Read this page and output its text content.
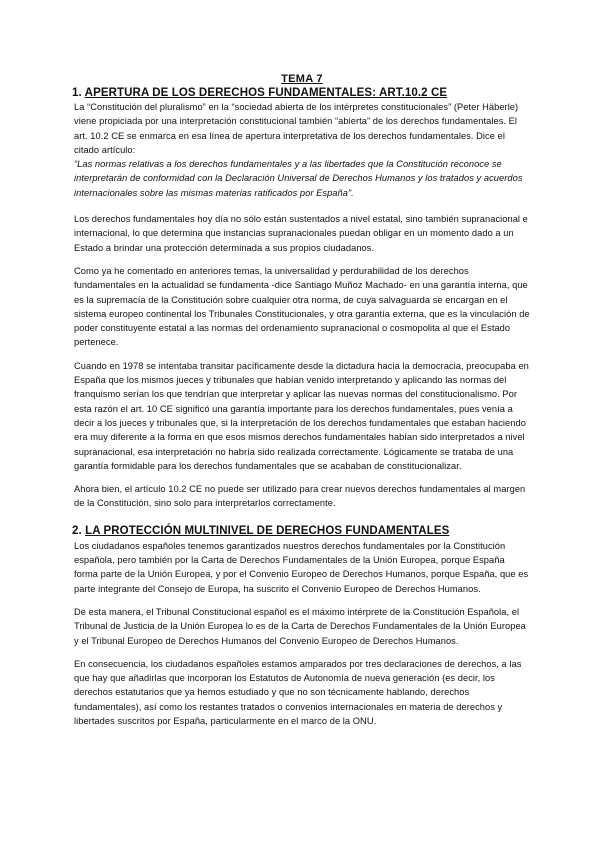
TEMA 7
1. APERTURA DE LOS DERECHOS FUNDAMENTALES: ART.10.2 CE

La “Constitución del pluralismo” en la “sociedad abierta de los intérpretes constitucionales” (Peter Häberle) viene propiciada por una interpretación constitucional también “abierta” de los derechos fundamentales. El art. 10.2 CE se enmarca en esa línea de apertura interpretativa de los derechos fundamentales. Dice el citado artículo:

“Las normas relativas a los derechos fundamentales y a las libertades que la Constitución reconoce se interpretarán de conformidad con la Declaración Universal de Derechos Humanos y los tratados y acuerdos internacionales sobre las mismas materias ratificados por España”.

Los derechos fundamentales hoy día no sólo están sustentados a nivel estatal, sino también supranacional e internacional, lo que determina que instancias supranacionales puedan obligar en un momento dado a un Estado a brindar una protección determinada a sus propios ciudadanos.

Como ya he comentado en anteriores temas, la universalidad y perdurabilidad de los derechos fundamentales en la actualidad se fundamenta -dice Santiago Muñoz Machado- en una garantía interna, que es la supremacía de la Constitución sobre cualquier otra norma, de cuya salvaguarda se encargan en el sistema europeo continental los Tribunales Constitucionales, y otra garantía externa, que es la vinculación de poder constituyente estatal a las normas del ordenamiento supranacional o cosmopolita al que el Estado pertenece.

Cuando en 1978 se intentaba transitar pacíficamente desde la dictadura hacia la democracia, preocupaba en España que los mismos jueces y tribunales que habían venido interpretando y aplicando las normas del franquismo serían los que tendrían que interpretar y aplicar las nuevas normas del constitucionalismo. Por esta razón el art. 10 CE significó una garantía importante para los derechos fundamentales, pues venía a decir a los jueces y tribunales que, si la interpretación de los derechos fundamentales que estaban haciendo era muy diferente a la forma en que esos mismos derechos fundamentales habían sido interpretados a nivel supranacional, esa interpretación no habría sido realizada correctamente. Lógicamente se trataba de una garantía formidable para los derechos fundamentales que se acababan de constitucionalizar.

Ahora bien, el artículo 10.2 CE no puede ser utilizado para crear nuevos derechos fundamentales al margen de la Constitución, sino solo para interpretarlos correctamente.

2. LA PROTECCIÓN MULTINIVEL DE DERECHOS FUNDAMENTALES

Los ciudadanos españoles tenemos garantizados nuestros derechos fundamentales por la Constitución española, pero también por la Carta de Derechos Fundamentales de la Unión Europea, porque España forma parte de la Unión Europea, y por el Convenio Europeo de Derechos Humanos, porque España, que es parte integrante del Consejo de Europa, ha suscrito el Convenio Europeo de Derechos Humanos.

De esta manera, el Tribunal Constitucional español es el máximo intérprete de la Constitución Española, el Tribunal de Justicia de la Unión Europea lo es de la Carta de Derechos Fundamentales de la Unión Europea y el Tribunal Europeo de Derechos Humanos del Convenio Europeo de Derechos Humanos.

En consecuencia, los ciudadanos españoles estamos amparados por tres declaraciones de derechos, a las que hay que añadirlas que incorporan los Estatutos de Autonomía de nueva generación (es decir, los derechos estatutarios que ya hemos estudiado y que no son técnicamente hablando, derechos fundamentales), así como los restantes tratados o convenios internacionales en materia de derechos y libertades suscritos por España, particularmente en el marco de la ONU.
